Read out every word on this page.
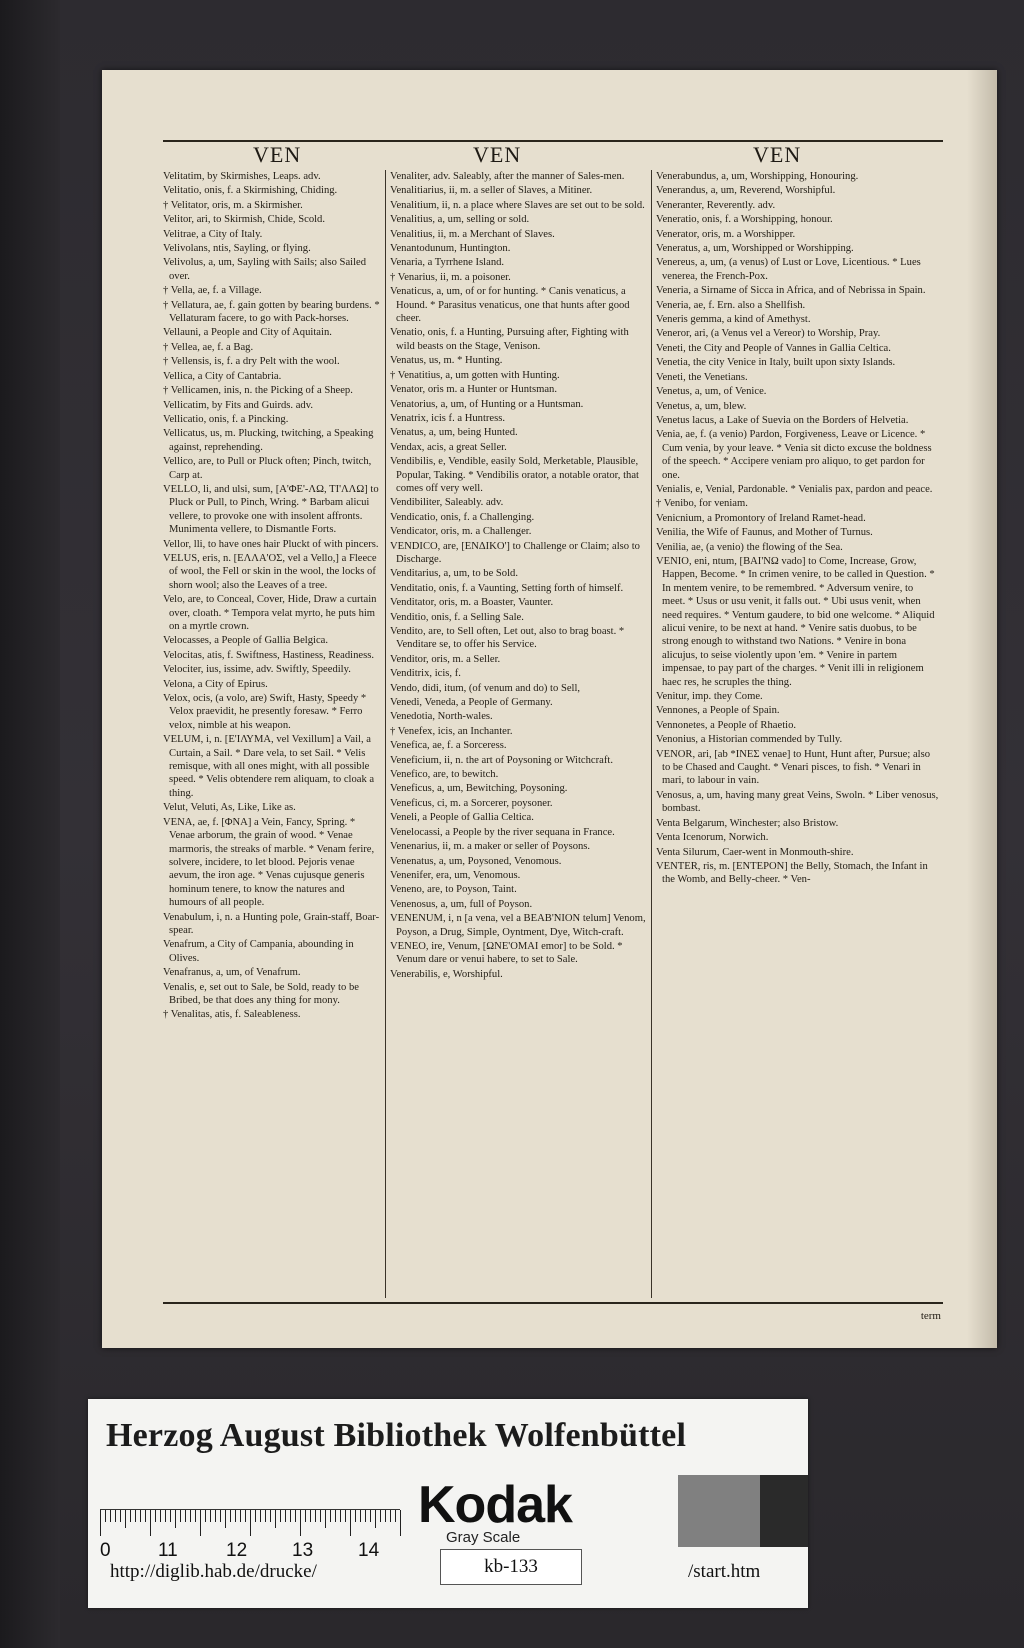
VEN	VEN	VEN

Velitatim, by Skirmishes, Leaps. adv.

Velitatio, onis, f. a Skirmishing, Chiding.

† Velitator, oris, m. a Skirmisher.

Velitor, ari, to Skirmish, Chide, Scold.

Velitrae, a City of Italy.

Velivolans, ntis, Sayling, or flying.

Velivolus, a, um, Sayling with Sails; also Sailed over.

† Vella, ae, f. a Village.

† Vellatura, ae, f. gain gotten by bearing burdens. * Vellaturam facere, to go with Pack-horses.

Vellauni, a People and City of Aquitain.

† Vellea, ae, f. a Bag.

† Vellensis, is, f. a dry Pelt with the wool.

Vellica, a City of Cantabria.

† Vellicamen, inis, n. the Picking of a Sheep.

Vellicatim, by Fits and Guirds. adv.

Vellicatio, onis, f. a Pincking.

Vellicatus, us, m. Plucking, twitching, a Speaking against, reprehending.

Vellico, are, to Pull or Pluck often; Pinch, twitch, Carp at.

VELLO, li, and ulsi, sum, [A'ΦE'-ΛΩ, ΤΙ'ΛΛΩ] to Pluck or Pull, to Pinch, Wring. * Barbam alicui vellere, to provoke one with insolent affronts. Munimenta vellere, to Dismantle Forts.

Vellor, lli, to have ones hair Pluckt of with pincers.

VELUS, eris, n. [EΛΛA'OΣ, vel a Vello,] a Fleece of wool, the Fell or skin in the wool, the locks of shorn wool; also the Leaves of a tree.

Velo, are, to Conceal, Cover, Hide, Draw a curtain over, cloath. * Tempora velat myrto, he puts him on a myrtle crown.

Velocasses, a People of Gallia Belgica.

Velocitas, atis, f. Swiftness, Hastiness, Readiness.

Velociter, ius, issime, adv. Swiftly, Speedily.

Velona, a City of Epirus.

Velox, ocis, (a volo, are) Swift, Hasty, Speedy * Velox praevidit, he presently foresaw. * Ferro velox, nimble at his weapon.

VELUM, i, n. [E'ΙΛΥΜΑ, vel Vexillum] a Vail, a Curtain, a Sail. * Dare vela, to set Sail. * Velis remisque, with all ones might, with all possible speed. * Velis obtendere rem aliquam, to cloak a thing.

Velut, Veluti, As, Like, Like as.

VENA, ae, f. [ΦΝΑ] a Vein, Fancy, Spring. * Venae arborum, the grain of wood. * Venae marmoris, the streaks of marble. * Venam ferire, solvere, incidere, to let blood. Pejoris venae aevum, the iron age. * Venas cujusque generis hominum tenere, to know the natures and humours of all people.

Venabulum, i, n. a Hunting pole, Grain-staff, Boar-spear.

Venafrum, a City of Campania, abounding in Olives.

Venafranus, a, um, of Venafrum.

Venalis, e, set out to Sale, be Sold, ready to be Bribed, be that does any thing for mony.

† Venalitas, atis, f. Saleableness.

Venaliter, adv. Saleably, after the manner of Sales-men.

Venalitiarius, ii, m. a seller of Slaves, a Mitiner.

Venalitium, ii, n. a place where Slaves are set out to be sold.

Venalitius, a, um, selling or sold.

Venalitius, ii, m. a Merchant of Slaves.

Venantodunum, Huntington.

Venaria, a Tyrrhene Island.

† Venarius, ii, m. a poisoner.

Venaticus, a, um, of or for hunting. * Canis venaticus, a Hound. * Parasitus venaticus, one that hunts after good cheer.

Venatio, onis, f. a Hunting, Pursuing after, Fighting with wild beasts on the Stage, Venison.

Venatus, us, m. * Hunting.

† Venatitius, a, um gotten with Hunting.

Venator, oris m. a Hunter or Huntsman.

Venatorius, a, um, of Hunting or a Huntsman.

Venatrix, icis f. a Huntress.

Venatus, a, um, being Hunted.

Vendax, acis, a great Seller.

Vendibilis, e, Vendible, easily Sold, Merketable, Plausible, Popular, Taking. * Vendibilis orator, a notable orator, that comes off very well.

Vendibiliter, Saleably. adv.

Vendicatio, onis, f. a Challenging.

Vendicator, oris, m. a Challenger.

VENDICO, are, [ENΔIKO'] to Challenge or Claim; also to Discharge.

Venditarius, a, um, to be Sold.

Venditatio, onis, f. a Vaunting, Setting forth of himself.

Venditator, oris, m. a Boaster, Vaunter.

Venditio, onis, f. a Selling Sale.

Vendito, are, to Sell often, Let out, also to brag boast. * Venditare se, to offer his Service.

Venditor, oris, m. a Seller.

Venditrix, icis, f.

Vendo, didi, itum, (of venum and do) to Sell,

Venedi, Veneda, a People of Germany.

Venedotia, North-wales.

† Venefex, icis, an Inchanter.

Venefica, ae, f. a Sorceress.

Veneficium, ii, n. the art of Poysoning or Witchcraft.

Venefico, are, to bewitch.

Veneficus, a, um, Bewitching, Poysoning.

Veneficus, ci, m. a Sorcerer, poysoner.

Veneli, a People of Gallia Celtica.

Venelocassi, a People by the river sequana in France.

Venenarius, ii, m. a maker or seller of Poysons.

Venenatus, a, um, Poysoned, Venomous.

Venenifer, era, um, Venomous.

Veneno, are, to Poyson, Taint.

Venenosus, a, um, full of Poyson.

VENENUM, i, n [a vena, vel a BEAB'NION telum] Venom, Poyson, a Drug, Simple, Oyntment, Dye, Witch-craft.

VENEO, ire, Venum, [ΩNE'OMAI emor] to be Sold. * Venum dare or venui habere, to set to Sale.

Venerabilis, e, Worshipful.

Venerabundus, a, um, Worshipping, Honouring.

Venerandus, a, um, Reverend, Worshipful.

Veneranter, Reverently. adv.

Veneratio, onis, f. a Worshipping, honour.

Venerator, oris, m. a Worshipper.

Veneratus, a, um, Worshipped or Worshipping.

Venereus, a, um, (a venus) of Lust or Love, Licentious. * Lues venerea, the French-Pox.

Veneria, a Sirname of Sicca in Africa, and of Nebrissa in Spain.

Veneria, ae, f. Ern. also a Shellfish.

Veneris gemma, a kind of Amethyst.

Veneror, ari, (a Venus vel a Vereor) to Worship, Pray.

Veneti, the City and People of Vannes in Gallia Celtica.

Venetia, the city Venice in Italy, built upon sixty Islands.

Veneti, the Venetians.

Venetus, a, um, of Venice.

Venetus, a, um, blew.

Venetus lacus, a Lake of Suevia on the Borders of Helvetia.

Venia, ae, f. (a venio) Pardon, Forgiveness, Leave or Licence. * Cum venia, by your leave. * Venia sit dicto excuse the boldness of the speech. * Accipere veniam pro aliquo, to get pardon for one.

Venialis, e, Venial, Pardonable. * Venialis pax, pardon and peace.

† Venibo, for veniam.

Venicnium, a Promontory of Ireland Ramet-head.

Venilia, the Wife of Faunus, and Mother of Turnus.

Venilia, ae, (a venio) the flowing of the Sea.

VENIO, eni, ntum, [BAI'NΩ vado] to Come, Increase, Grow, Happen, Become. * In crimen venire, to be called in Question. * In mentem venire, to be remembred. * Adversum venire, to meet. * Usus or usu venit, it falls out. * Ubi usus venit, when need requires. * Ventum gaudere, to bid one welcome. * Aliquid alicui venire, to be next at hand. * Venire satis duobus, to be strong enough to withstand two Nations. * Venire in bona alicujus, to seise violently upon 'em. * Venire in partem impensae, to pay part of the charges. * Venit illi in religionem haec res, he scruples the thing.

Venitur, imp. they Come.

Vennones, a People of Spain.

Vennonetes, a People of Rhaetio.

Venonius, a Historian commended by Tully.

VENOR, ari, [ab *INEΣ venae] to Hunt, Hunt after, Pursue; also to be Chased and Caught. * Venari pisces, to fish. * Venari in mari, to labour in vain.

Venosus, a, um, having many great Veins, Swoln. * Liber venosus, bombast.

Venta Belgarum, Winchester; also Bristow.

Venta Icenorum, Norwich.

Venta Silurum, Caer-went in Monmouth-shire.

VENTER, ris, m. [ENTEPON] the Belly, Stomach, the Infant in the Womb, and Belly-cheer. * Ven-

term
Herzog August Bibliothek Wolfenbüttel
0 11	12 13 14
Kodak
Gray Scale
kb-133
http://diglib.hab.de/drucke/	/start.htm
